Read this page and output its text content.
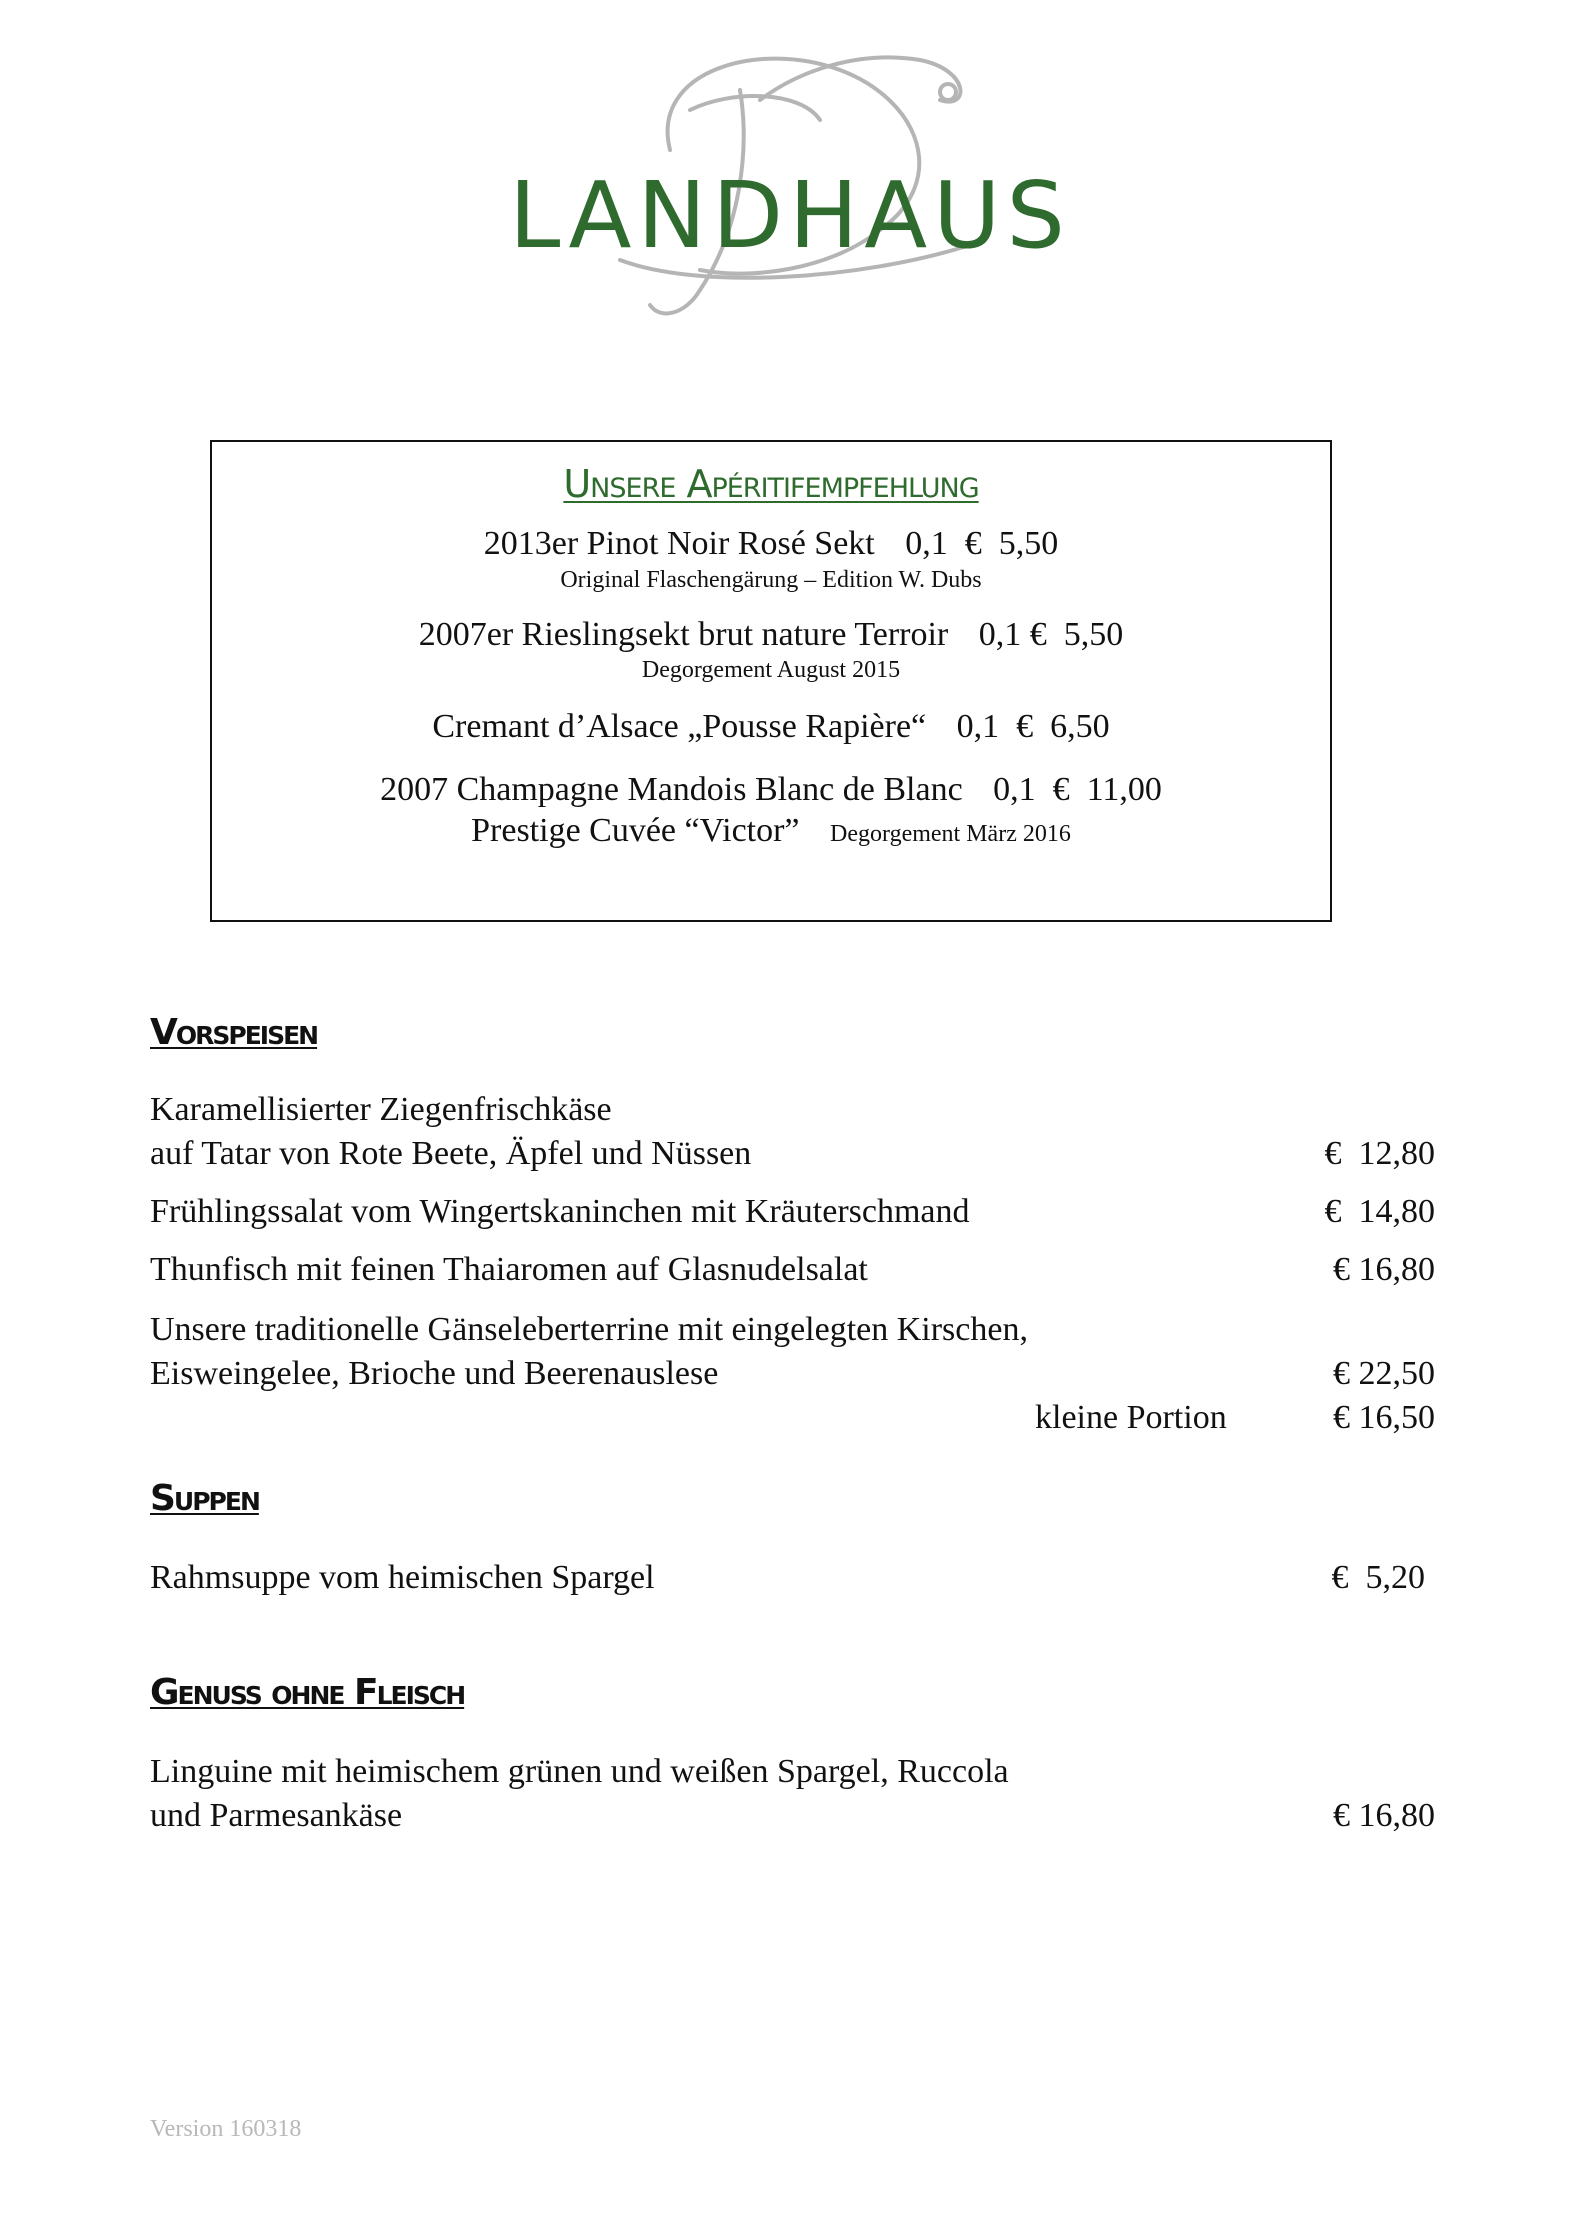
LANDHAUS
Unsere Apéritifempfehlung
2013er Pinot Noir Rosé Sekt 0,1 €  5,50
Original Flaschengärung – Edition W. Dubs
2007er Rieslingsekt brut nature Terroir 0,1 €  5,50
Degorgement August 2015
Cremant d’Alsace „Pousse Rapière“ 0,1 €  6,50
2007 Champagne Mandois Blanc de Blanc 0,1 €  11,00
Prestige Cuvée “Victor” Degorgement März 2016
Vorspeisen
Karamellisierter Ziegenfrischkäse
auf Tatar von Rote Beete, Äpfel und Nüssen	€  12,80
Frühlingssalat vom Wingertskaninchen mit Kräuterschmand	€  14,80
Thunfisch mit feinen Thaiaromen auf Glasnudelsalat	€ 16,80
Unsere traditionelle Gänseleberterrine mit eingelegten Kirschen,
Eisweingelee, Brioche und Beerenauslese	€ 22,50

kleine Portion	€ 16,50
Suppen
Rahmsuppe vom heimischen Spargel	€  5,20
Genuss ohne Fleisch
Linguine mit heimischem grünen und weißen Spargel, Ruccola
und Parmesankäse	€ 16,80
Version 160318
